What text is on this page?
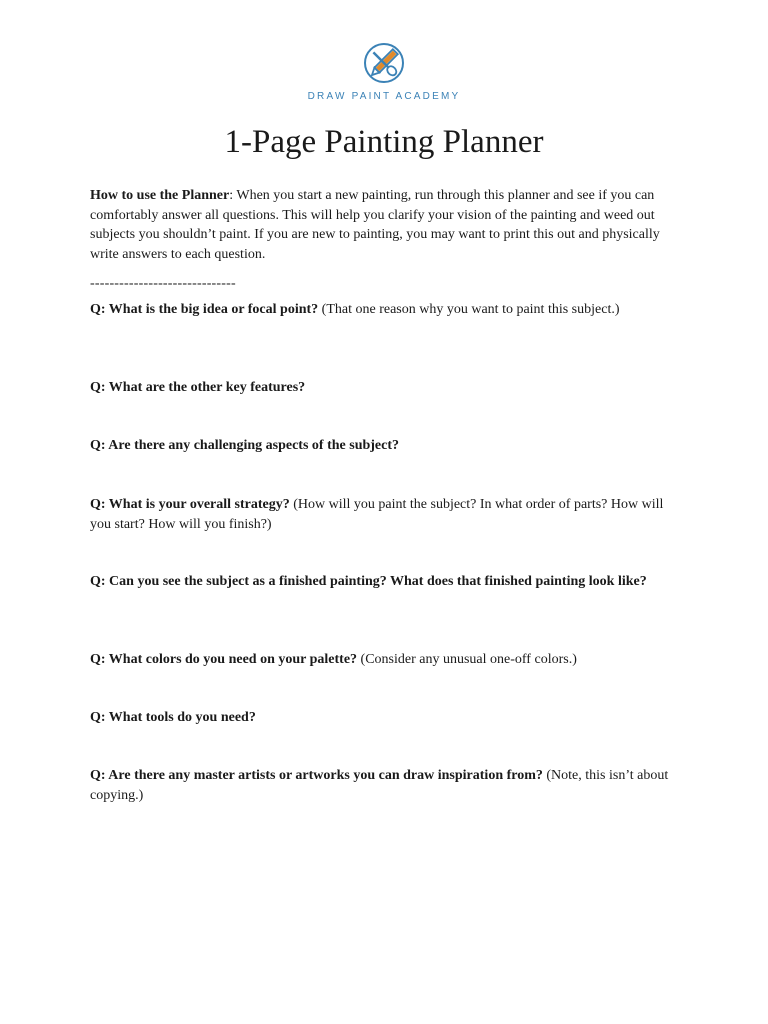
DRAW PAINT ACADEMY
1-Page Painting Planner

How to use the Planner: When you start a new painting, run through this planner and see if you can comfortably answer all questions. This will help you clarify your vision of the painting and weed out subjects you shouldn’t paint. If you are new to painting, you may want to print this out and physically write answers to each question.

------------------------------

Q: What is the big idea or focal point? (That one reason why you want to paint this subject.)

Q: What are the other key features?

Q: Are there any challenging aspects of the subject?

Q: What is your overall strategy? (How will you paint the subject? In what order of parts? How will you start? How will you finish?)

Q: Can you see the subject as a finished painting? What does that finished painting look like?

Q: What colors do you need on your palette? (Consider any unusual one-off colors.)

Q: What tools do you need?

Q: Are there any master artists or artworks you can draw inspiration from? (Note, this isn’t about copying.)
